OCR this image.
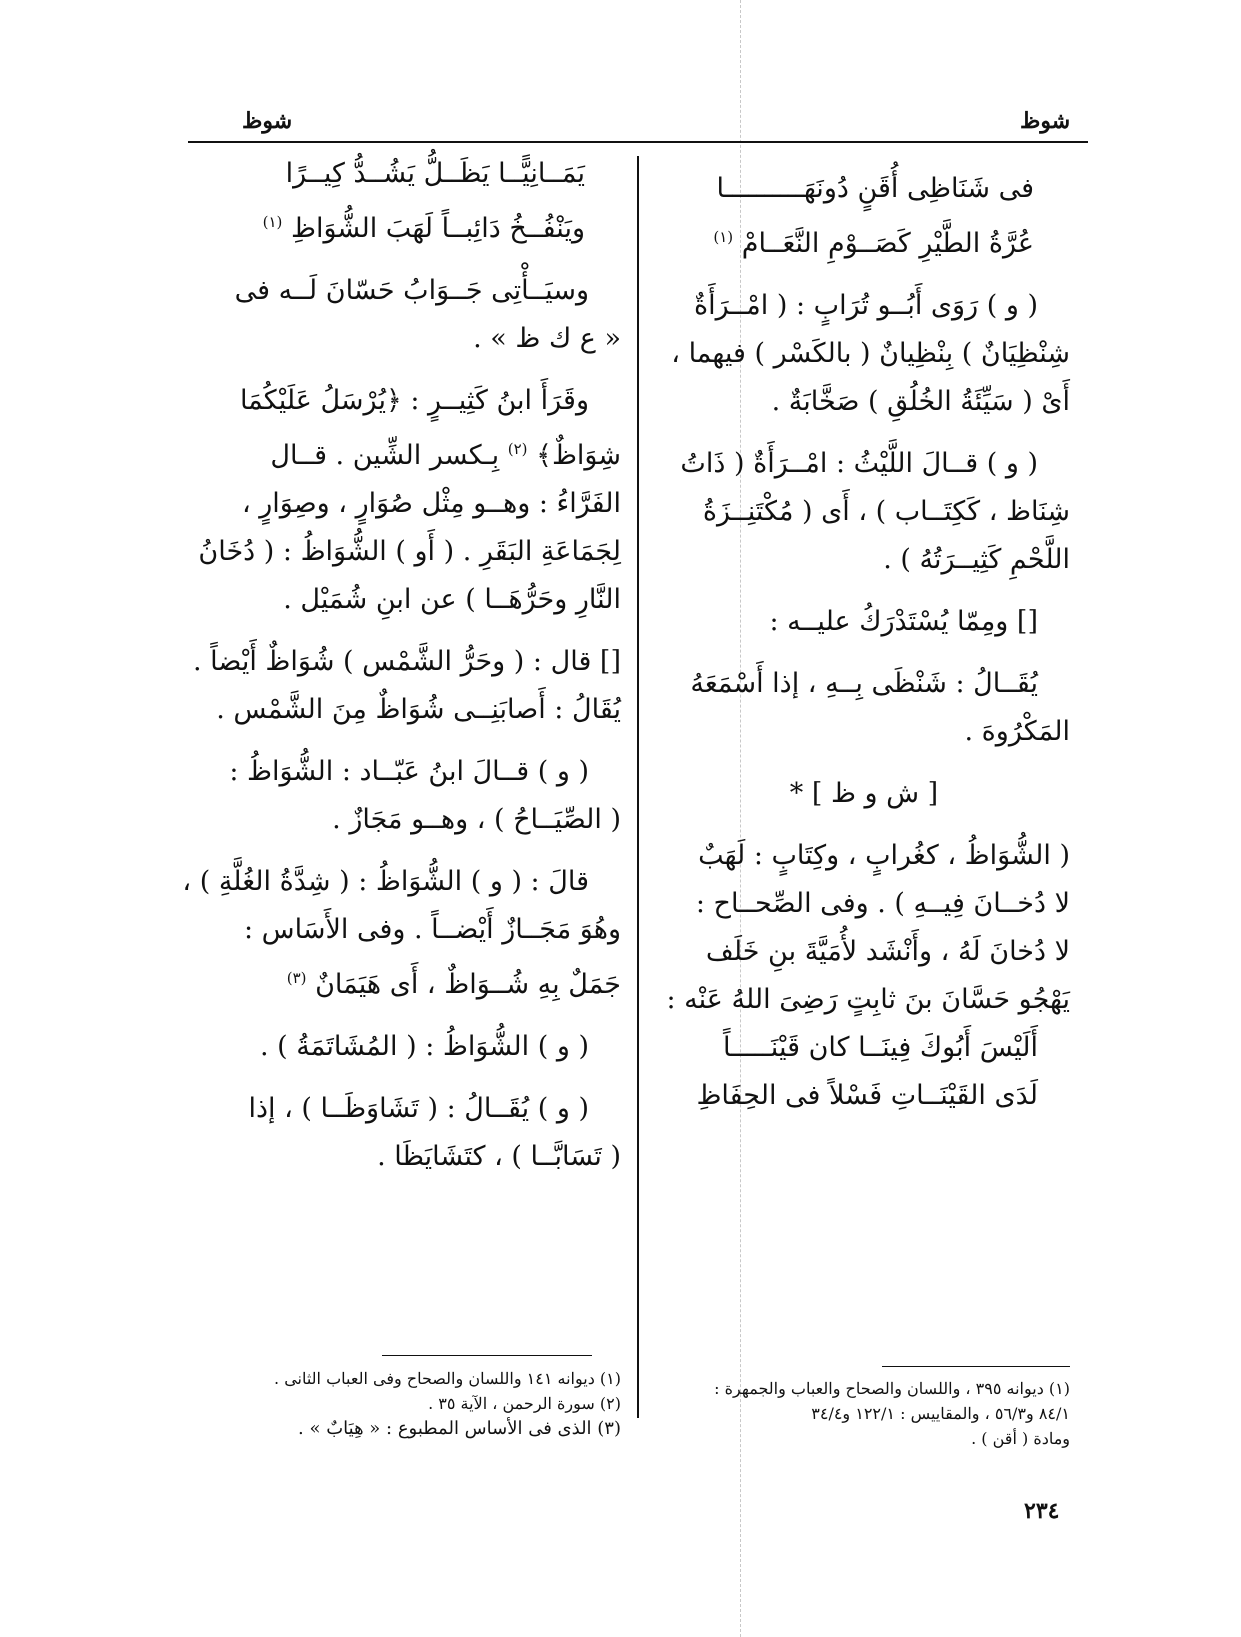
شوظ
شوظ
فى شَنَاظِى أُقَنٍ دُونَهَــــــــــا
عُرَّةُ الطَّيْرِ كَصَــوْمِ النَّعَــامْ $^{(١)}$
( و ) رَوَى أَبُــو تُرَابٍ : ( امْــرَأَةٌ
شِنْظِيَانٌ ) بِنْظِيانٌ ( بالكَسْر ) فيهما ،
أَىْ ( سَيِّئَةُ الخُلُقِ ) صَخَّابَةٌ .
( و ) قــالَ اللَّيْثُ : امْــرَأَةٌ ( ذَاتُ
شِنَاظ ، كَكِتَــاب ) ، أَى ( مُكْتَنِــزَةُ
اللَّحْمِ كَثِيــرَتُهُ ) .
[] ومِمّا يُسْتَدْرَكُ عليــه :
يُقَــالُ : شَنْظَى بِــهِ ، إذا أَسْمَعَهُ
المَكْرُوهَ .
[ ش و ظ ] *
( الشُّوَاظُ ، كغُرابٍ ، وكِتَابٍ : لَهَبٌ
لا دُخــانَ فِيــهِ ) . وفى الصِّحــاح :
لا دُخانَ لَهُ ، وأَنْشَد لأُمَيَّةَ بنِ خَلَف
يَهْجُو حَسَّانَ بنَ ثابِتٍ رَضِىَ اللهُ عَنْه :
أَلَيْسَ أَبُوكَ فِينَــا كان قَيْنَـــــاً
لَدَى القَيْنَــاتِ فَسْلاً فى الحِفَاظِ
يَمَــانِيًّــا يَظَــلُّ يَشُــدُّ كِيــرًا
ويَنْفُــخُ دَائِبــاً لَهَبَ الشُّوَاظِ $^{(١)}$
وسيَــأْتِى جَــوَابُ حَسّانَ لَــه فى
« ع ك ظ » .
وقَرَأَ ابنُ كَثِيــرٍ : ﴿يُرْسَلُ عَلَيْكُمَا
شِوَاظٌ﴾ $^{(٢)}$ بِـكسر الشِّين . قــال
الفَرَّاءُ : وهــو مِثْل صُوَارٍ ، وصِوَارٍ ،
لِجَمَاعَةِ البَقَرِ . ( أَو ) الشُّوَاظُ : ( دُخَانُ
النَّارِ وحَرُّهَــا ) عن ابنِ شُمَيْل .
[] قال : ( وحَرُّ الشَّمْس ) شُوَاظٌ أَيْضاً .
يُقَالُ : أَصابَنِــى شُوَاظٌ مِنَ الشَّمْس .
( و ) قــالَ ابنُ عَبّــاد : الشُّوَاظُ :
( الصِّيَــاحُ ) ، وهــو مَجَازٌ .
قالَ : ( و ) الشُّوَاظُ : ( شِدَّةُ الغُلَّةِ ) ،
وهُوَ مَجَــازٌ أَيْضــاً . وفى الأَسَاس :
جَمَلٌ بِهِ شُــوَاظٌ ، أَى هَيَمَانٌ $^{(٣)}$
( و ) الشُّوَاظُ : ( المُشَاتَمَةُ ) .
( و ) يُقَــالُ : ( تَشَاوَظَــا ) ، إذا
( تَسَابَّــا ) ، كتَشَايَظَا .
(١) ديوانه ٣٩٥ ، واللسان والصحاح والعباب والجمهرة :
٨٤/١ و٥٦/٣ ، والمقاييس : ١٢٢/١ و٣٤/٤
ومادة ( أقن ) .
(١) ديوانه ١٤١ واللسان والصحاح وفى العباب الثانى .
(٢) سورة الرحمن ، الآية ٣٥ .
(٣) الذى فى الأساس المطبوع : « هِيَابٌ » .
٢٣٤
